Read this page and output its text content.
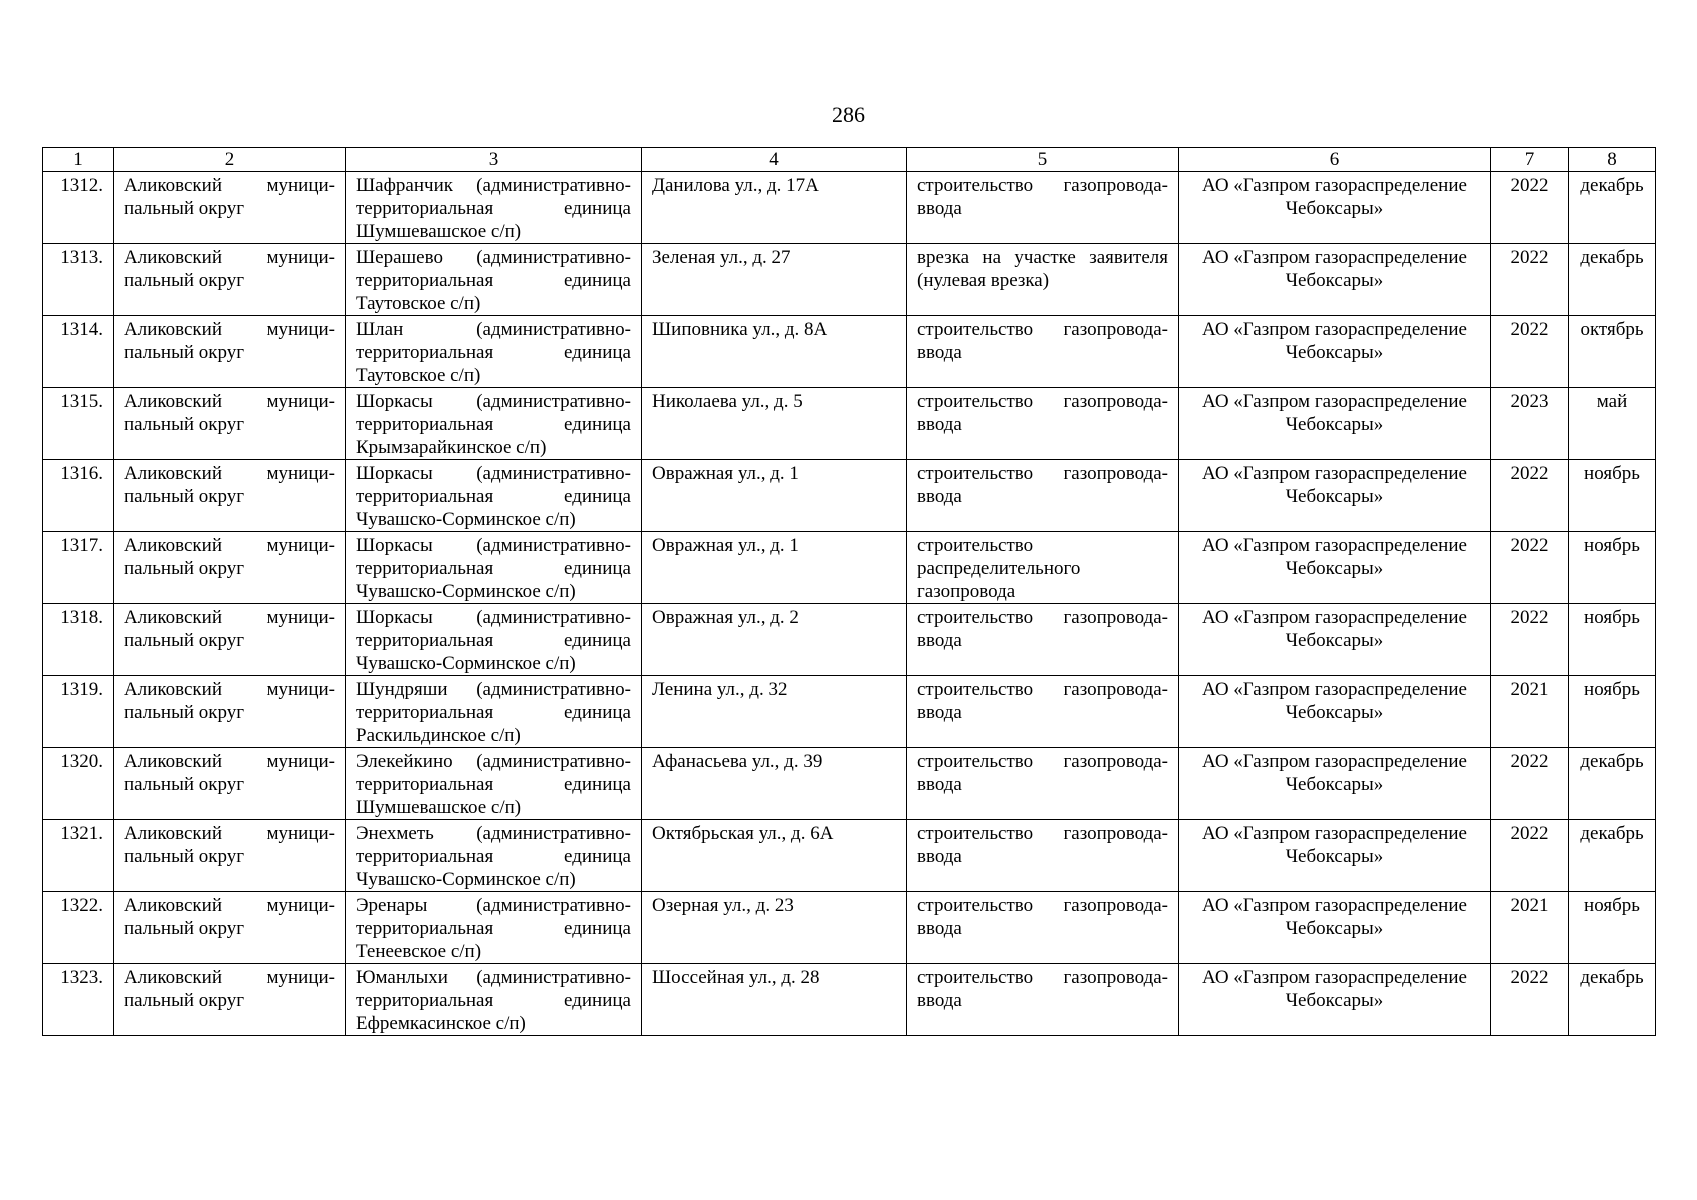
286
1	2	3	4	5	6	7	8
1312.	Аликовский муници-пальный округ	Шафранчик (административно-территориальная единица Шумшевашское с/п)	Данилова ул., д. 17А	строительство газопровода-ввода	АО «Газпром газораспределение Чебоксары»	2022	декабрь
1313.	Аликовский муници-пальный округ	Шерашево (административно-территориальная единица Таутовское с/п)	Зеленая ул., д. 27	врезка на участке заявителя (нулевая врезка)	АО «Газпром газораспределение Чебоксары»	2022	декабрь
1314.	Аликовский муници-пальный округ	Шлан (административно-территориальная единица Таутовское с/п)	Шиповника ул., д. 8А	строительство газопровода-ввода	АО «Газпром газораспределение Чебоксары»	2022	октябрь
1315.	Аликовский муници-пальный округ	Шоркасы (административно-территориальная единица Крымзарайкинское с/п)	Николаева ул., д. 5	строительство газопровода-ввода	АО «Газпром газораспределение Чебоксары»	2023	май
1316.	Аликовский муници-пальный округ	Шоркасы (административно-территориальная единица Чувашско-Сорминское с/п)	Овражная ул., д. 1	строительство газопровода-ввода	АО «Газпром газораспределение Чебоксары»	2022	ноябрь
1317.	Аликовский муници-пальный округ	Шоркасы (административно-территориальная единица Чувашско-Сорминское с/п)	Овражная ул., д. 1	строительство распределительного газопровода	АО «Газпром газораспределение Чебоксары»	2022	ноябрь
1318.	Аликовский муници-пальный округ	Шоркасы (административно-территориальная единица Чувашско-Сорминское с/п)	Овражная ул., д. 2	строительство газопровода-ввода	АО «Газпром газораспределение Чебоксары»	2022	ноябрь
1319.	Аликовский муници-пальный округ	Шундряши (административно-территориальная единица Раскильдинское с/п)	Ленина ул., д. 32	строительство газопровода-ввода	АО «Газпром газораспределение Чебоксары»	2021	ноябрь
1320.	Аликовский муници-пальный округ	Элекейкино (административно-территориальная единица Шумшевашское с/п)	Афанасьева ул., д. 39	строительство газопровода-ввода	АО «Газпром газораспределение Чебоксары»	2022	декабрь
1321.	Аликовский муници-пальный округ	Энехметь (административно-территориальная единица Чувашско-Сорминское с/п)	Октябрьская ул., д. 6А	строительство газопровода-ввода	АО «Газпром газораспределение Чебоксары»	2022	декабрь
1322.	Аликовский муници-пальный округ	Эренары (административно-территориальная единица Тенеевское с/п)	Озерная ул., д. 23	строительство газопровода-ввода	АО «Газпром газораспределение Чебоксары»	2021	ноябрь
1323.	Аликовский муници-пальный округ	Юманлыхи (административно-территориальная единица Ефремкасинское с/п)	Шоссейная ул., д. 28	строительство газопровода-ввода	АО «Газпром газораспределение Чебоксары»	2022	декабрь
